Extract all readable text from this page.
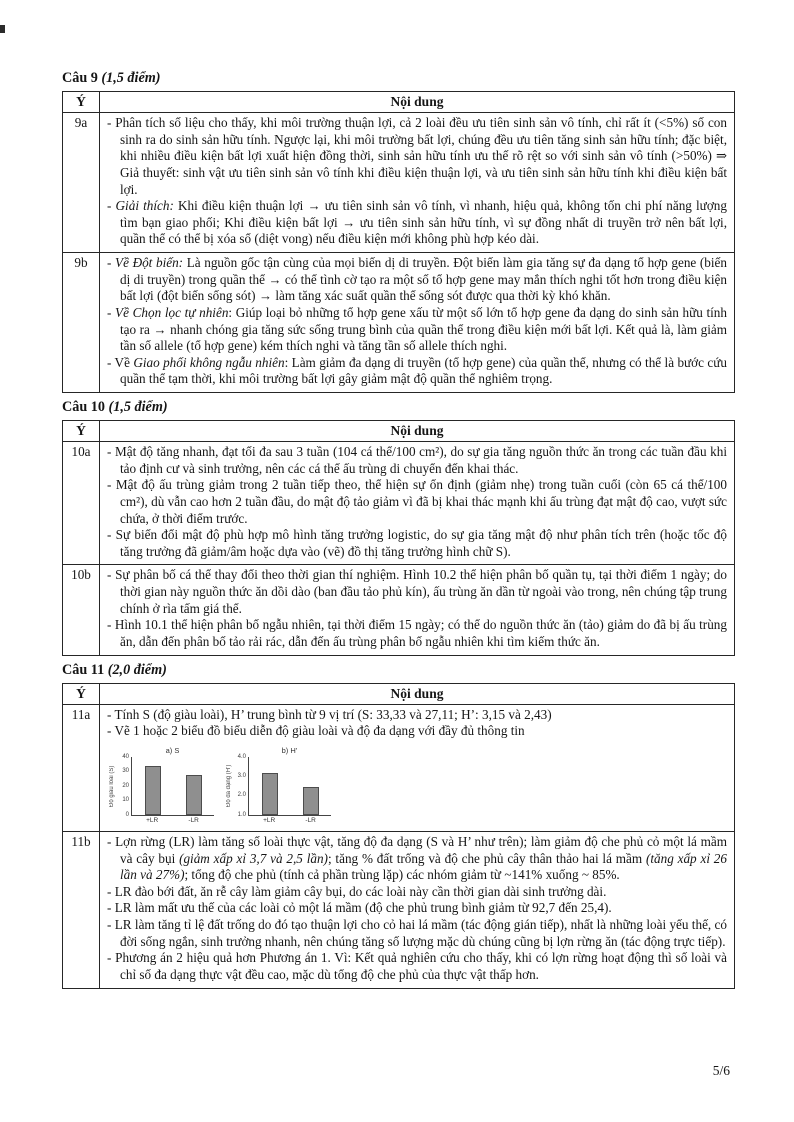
Câu 9 (1,5 điểm)

Ý	Nội dung
9a	- Phân tích số liệu cho thấy, khi môi trường thuận lợi, cả 2 loài đều ưu tiên sinh sản vô tính, chỉ rất ít (<5%) số con sinh ra do sinh sản hữu tính. Ngược lại, khi môi trường bất lợi, chúng đều ưu tiên tăng sinh sản hữu tính; đặc biệt, khi nhiều điều kiện bất lợi xuất hiện đồng thời, sinh sản hữu tính ưu thế rõ rệt so với sinh sản vô tính (>50%) ⇒ Giả thuyết: sinh vật ưu tiên sinh sản vô tính khi điều kiện thuận lợi, và ưu tiên sinh sản hữu tính khi điều kiện bất lợi.

- Giải thích: Khi điều kiện thuận lợi → ưu tiên sinh sản vô tính, vì nhanh, hiệu quả, không tốn chi phí năng lượng tìm bạn giao phối; Khi điều kiện bất lợi → ưu tiên sinh sản hữu tính, vì sự đồng nhất di truyền trở nên bất lợi, quần thể có thể bị xóa sổ (diệt vong) nếu điều kiện mới không phù hợp kéo dài.

9b	- Về Đột biến: Là nguồn gốc tận cùng của mọi biến dị di truyền. Đột biến làm gia tăng sự đa dạng tổ hợp gene (biến dị di truyền) trong quần thể → có thể tình cờ tạo ra một số tổ hợp gene may mắn thích nghi tốt hơn trong điều kiện bất lợi (đột biến sống sót) → làm tăng xác suất quần thể sống sót được qua thời kỳ khó khăn.

- Về Chọn lọc tự nhiên: Giúp loại bỏ những tổ hợp gene xấu từ một số lớn tổ hợp gene đa dạng do sinh sản hữu tính tạo ra → nhanh chóng gia tăng sức sống trung bình của quần thể trong điều kiện mới bất lợi. Kết quả là, làm giảm tần số allele (tổ hợp gene) kém thích nghi và tăng tần số allele thích nghi.

- Về Giao phối không ngẫu nhiên: Làm giảm đa dạng di truyền (tổ hợp gene) của quần thể, nhưng có thể là bước cứu quần thể tạm thời, khi môi trường bất lợi gây giảm mật độ quần thể nghiêm trọng.

Câu 10 (1,5 điểm)

Ý	Nội dung
10a	- Mật độ tăng nhanh, đạt tối đa sau 3 tuần (104 cá thể/100 cm²), do sự gia tăng nguồn thức ăn trong các tuần đầu khi tảo định cư và sinh trưởng, nên các cá thể ấu trùng di chuyển đến khai thác.

- Mật độ ấu trùng giảm trong 2 tuần tiếp theo, thể hiện sự ổn định (giảm nhẹ) trong tuần cuối (còn 65 cá thể/100 cm²), dù vẫn cao hơn 2 tuần đầu, do mật độ tảo giảm vì đã bị khai thác mạnh khi ấu trùng đạt mật độ cao, vượt sức chứa, ở thời điểm trước.

- Sự biến đổi mật độ phù hợp mô hình tăng trưởng logistic, do sự gia tăng mật độ như phân tích trên (hoặc tốc độ tăng trưởng đã giảm/âm hoặc dựa vào (vẽ) đồ thị tăng trưởng hình chữ S).

10b	- Sự phân bố cá thể thay đổi theo thời gian thí nghiệm. Hình 10.2 thể hiện phân bố quần tụ, tại thời điểm 1 ngày; do thời gian này nguồn thức ăn dồi dào (ban đầu tảo phủ kín), ấu trùng ăn dần từ ngoài vào trong, nên chúng tập trung chính ở rìa tấm giá thể.

- Hình 10.1 thể hiện phân bố ngẫu nhiên, tại thời điểm 15 ngày; có thể do nguồn thức ăn (tảo) giảm do đã bị ấu trùng ăn, dẫn đến phân bố tảo rải rác, dẫn đến ấu trùng phân bố ngẫu nhiên khi tìm kiếm thức ăn.

Câu 11 (2,0 điểm)

Ý	Nội dung
11a	- Tính S (độ giàu loài), H’ trung bình từ 9 vị trí (S: 33,33 và 27,11; H’: 3,15 và 2,43)

- Vẽ 1 hoặc 2 biểu đồ biểu diễn độ giàu loài và độ đa dạng với đầy đủ thông tin

Độ giàu loài (S)
40
30
20
10
0
a) S
+LR	-LR
Độ đa dạng (H’)
4.0
3.0
2.0
1.0
b) H’
+LR	-LR

11b	- Lợn rừng (LR) làm tăng số loài thực vật, tăng độ đa dạng (S và H’ như trên); làm giảm độ che phủ cỏ một lá mầm và cây bụi (giảm xấp xỉ 3,7 và 2,5 lần); tăng % đất trống và độ che phủ cây thân thảo hai lá mầm (tăng xấp xỉ 26 lần và 27%); tổng độ che phủ (tính cả phần trùng lặp) các nhóm giảm từ ~141% xuống ~ 85%.

- LR đào bới đất, ăn rễ cây làm giảm cây bụi, do các loài này cần thời gian dài sinh trưởng dài.

- LR làm mất ưu thế của các loài cỏ một lá mầm (độ che phủ trung bình giảm từ 92,7 đến 25,4).

- LR làm tăng tỉ lệ đất trống do đó tạo thuận lợi cho cỏ hai lá mầm (tác động gián tiếp), nhất là những loài yếu thế, có đời sống ngắn, sinh trưởng nhanh, nên chúng tăng số lượng mặc dù chúng cũng bị lợn rừng ăn (tác động trực tiếp).

- Phương án 2 hiệu quả hơn Phương án 1. Vì: Kết quả nghiên cứu cho thấy, khi có lợn rừng hoạt động thì số loài và chỉ số đa dạng thực vật đều cao, mặc dù tổng độ che phủ của thực vật thấp hơn.

5/6
